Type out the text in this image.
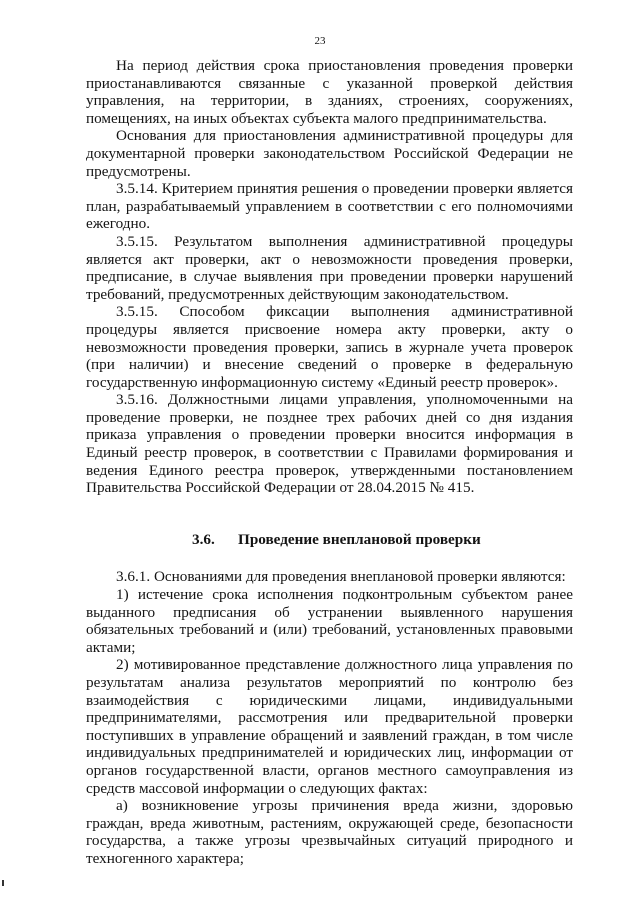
23

На период действия срока приостановления проведения проверки приостанавливаются связанные с указанной проверкой действия управления, на территории, в зданиях, строениях, сооружениях, помещениях, на иных объектах субъекта малого предпринимательства.

Основания для приостановления административной процедуры для документарной проверки законодательством Российской Федерации не предусмотрены.

3.5.14. Критерием принятия решения о проведении проверки является план, разрабатываемый управлением в соответствии с его полномочиями ежегодно.

3.5.15. Результатом выполнения административной процедуры является акт проверки, акт о невозможности проведения проверки, предписание, в случае выявления при проведении проверки нарушений требований, предусмотренных действующим законодательством.

3.5.15. Способом фиксации выполнения административной процедуры является присвоение номера акту проверки, акту о невозможности проведения проверки, запись в журнале учета проверок (при наличии) и внесение сведений о проверке в федеральную государственную информационную систему «Единый реестр проверок».

3.5.16. Должностными лицами управления, уполномоченными на проведение проверки, не позднее трех рабочих дней со дня издания приказа управления о проведении проверки вносится информация в Единый реестр проверок, в соответствии с Правилами формирования и ведения Единого реестра проверок, утвержденными постановлением Правительства Российской Федерации от 28.04.2015 № 415.

3.6. Проведение внеплановой проверки

3.6.1. Основаниями для проведения внеплановой проверки являются:

1) истечение срока исполнения подконтрольным субъектом ранее выданного предписания об устранении выявленного нарушения обязательных требований и (или) требований, установленных правовыми актами;

2) мотивированное представление должностного лица управления по результатам анализа результатов мероприятий по контролю без взаимодействия с юридическими лицами, индивидуальными предпринимателями, рассмотрения или предварительной проверки поступивших в управление обращений и заявлений граждан, в том числе индивидуальных предпринимателей и юридических лиц, информации от органов государственной власти, органов местного самоуправления из средств массовой информации о следующих фактах:

а) возникновение угрозы причинения вреда жизни, здоровью граждан, вреда животным, растениям, окружающей среде, безопасности государства, а также угрозы чрезвычайных ситуаций природного и техногенного характера;
